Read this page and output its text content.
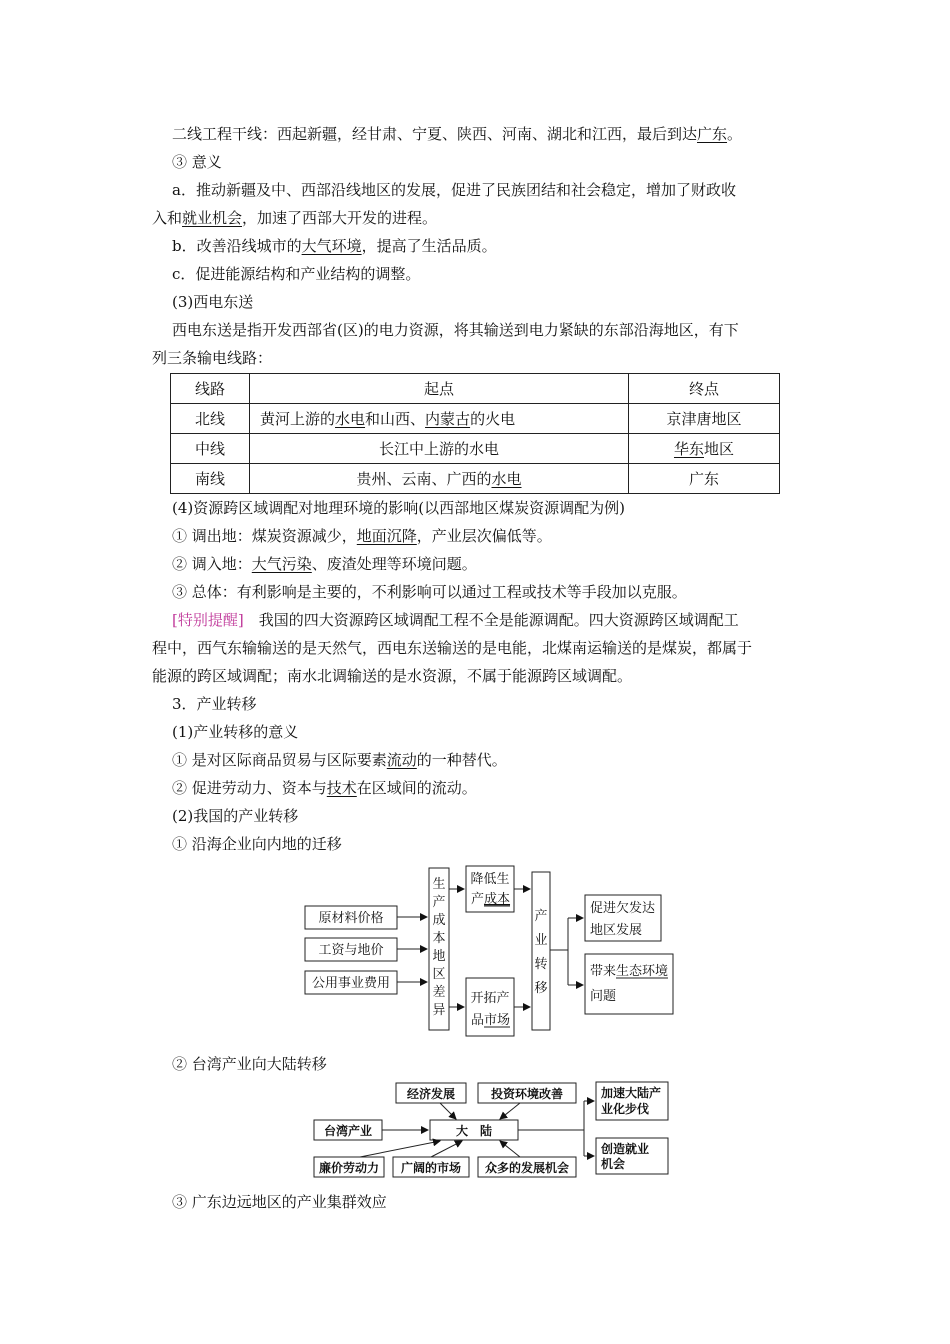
二线工程干线：西起新疆，经甘肃、宁夏、陕西、河南、湖北和江西，最后到达广东。
③ 意义
a．推动新疆及中、西部沿线地区的发展，促进了民族团结和社会稳定，增加了财政收
入和就业机会，加速了西部大开发的进程。
b．改善沿线城市的大气环境，提高了生活品质。
c．促进能源结构和产业结构的调整。
(3)西电东送
西电东送是指开发西部省(区)的电力资源，将其输送到电力紧缺的东部沿海地区，有下
列三条输电线路：
线路	起点	终点
北线	黄河上游的水电和山西、内蒙古的火电	京津唐地区
中线	长江中上游的水电	华东地区
南线	贵州、云南、广西的水电	广东
(4)资源跨区域调配对地理环境的影响(以西部地区煤炭资源调配为例)
① 调出地：煤炭资源减少，地面沉降，产业层次偏低等。
② 调入地：大气污染、废渣处理等环境问题。
③ 总体：有利影响是主要的，不利影响可以通过工程或技术等手段加以克服。
[特别提醒]　我国的四大资源跨区域调配工程不全是能源调配。四大资源跨区域调配工
程中，西气东输输送的是天然气，西电东送输送的是电能，北煤南运输送的是煤炭，都属于
能源的跨区域调配；南水北调输送的是水资源，不属于能源跨区域调配。
3．产业转移
(1)产业转移的意义
① 是对区际商品贸易与区际要素流动的一种替代。
② 促进劳动力、资本与技术在区域间的流动。
(2)我国的产业转移
① 沿海企业向内地的迁移
② 台湾产业向大陆转移
③ 广东边远地区的产业集群效应
原材料价格
工资与地价
公用事业费用
生
产
成
本
地
区
差
异
降低生
产成本
开拓产
品市场
产
业
转
移
促进欠发达
地区发展
带来生态环境
问题
经济发展	投资环境改善
台湾产业	大　陆
廉价劳动力 广阔的市场 众多的发展机会
加速大陆产
业化步伐
创造就业
机会
